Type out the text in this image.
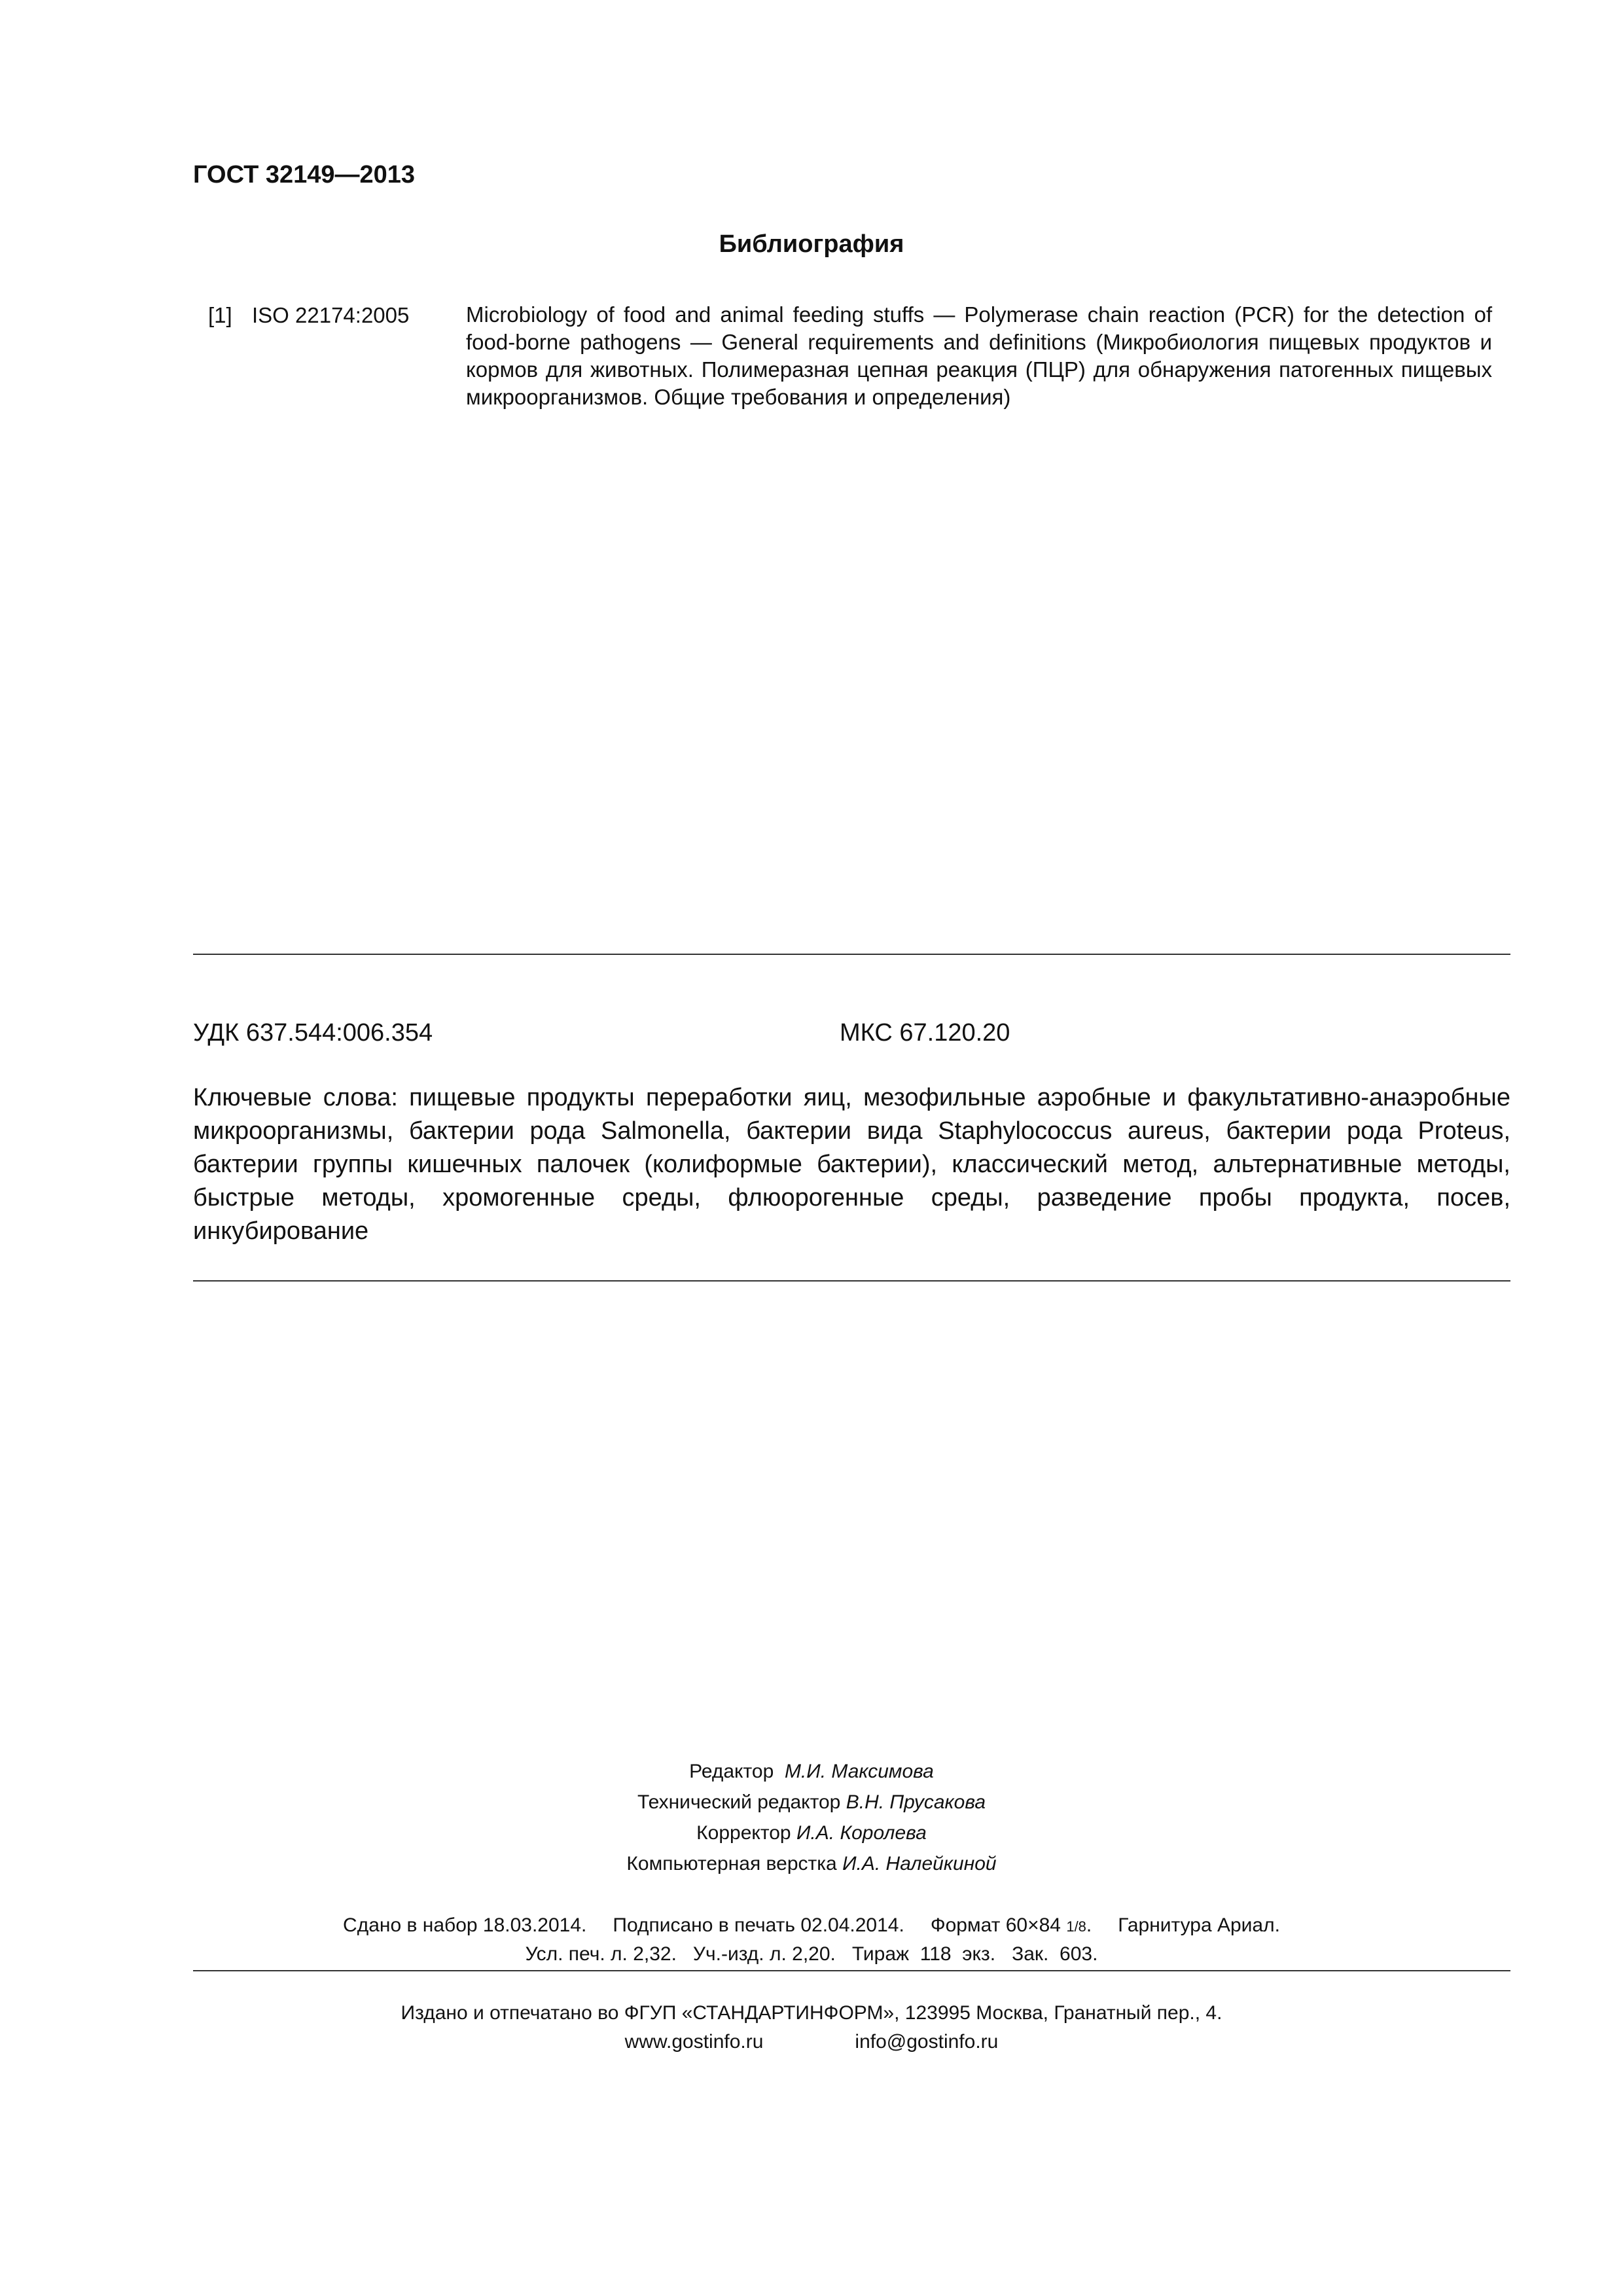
ГОСТ 32149—2013
Библиография
[1] ISO 22174:2005	Microbiology of food and animal feeding stuffs — Polymerase chain reaction (PCR) for the detection of food-borne pathogens — General requirements and definitions (Микробиология пищевых продуктов и кормов для животных. Полимеразная цепная реакция (ПЦР) для обнаружения патогенных пищевых микроорганизмов. Общие требования и определения)
УДК 637.544:006.354	МКС 67.120.20

Ключевые слова: пищевые продукты переработки яиц, мезофильные аэробные и факультативно-анаэробные микроорганизмы, бактерии рода Salmonella, бактерии вида Staphylococcus aureus, бактерии рода Proteus, бактерии группы кишечных палочек (колиформые бактерии), классический метод, альтернативные методы, быстрые методы, хромогенные среды, флюорогенные среды, разведение пробы продукта, посев, инкубирование

Редактор М.И. Максимова
Технический редактор В.Н. Прусакова
Корректор И.А. Королева
Компьютерная верстка И.А. Налейкиной
Сдано в набор 18.03.2014. Подписано в печать 02.04.2014. Формат 60×84 1/8. Гарнитура Ариал.
Усл. печ. л. 2,32.   Уч.-изд. л. 2,20.   Тираж  118  экз.   Зак.  603.
Издано и отпечатано во ФГУП «СТАНДАРТИНФОРМ», 123995 Москва, Гранатный пер., 4.
www.gostinfo.ru	info@gostinfo.ru
